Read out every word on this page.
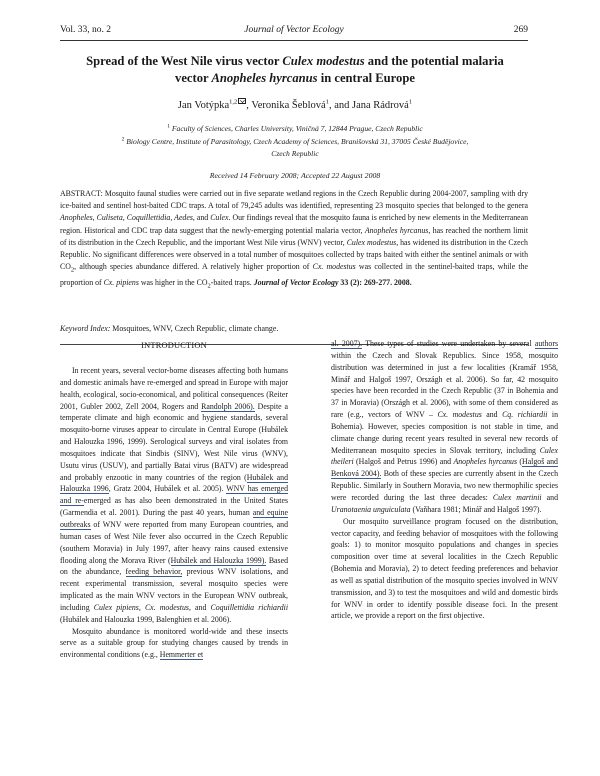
Vol. 33, no. 2	Journal of Vector Ecology	269
Spread of the West Nile virus vector Culex modestus and the potential malaria vector Anopheles hyrcanus in central Europe
Jan Votýpka$^{1,2}$ , Veronika Šeblová$^1$, and Jana Rádrová$^1$
$^1$ Faculty of Sciences, Charles University, Viničná 7, 12844 Prague, Czech Republic
$^2$ Biology Centre, Institute of Parasitology, Czech Academy of Sciences, Branišovská 31, 37005 České Budějovice,
Czech Republic
Received 14 February 2008; Accepted 22 August 2008
ABSTRACT: Mosquito faunal studies were carried out in five separate wetland regions in the Czech Republic during 2004-2007, sampling with dry ice-baited and sentinel host-baited CDC traps. A total of 79,245 adults was identified, representing 23 mosquito species that belonged to the genera Anopheles, Culiseta, Coquillettidia, Aedes, and Culex. Our findings reveal that the mosquito fauna is enriched by new elements in the Mediterranean region. Historical and CDC trap data suggest that the newly-emerging potential malaria vector, Anopheles hyrcanus, has reached the northern limit of its distribution in the Czech Republic, and the important West Nile virus (WNV) vector, Culex modestus, has widened its distribution in the Czech Republic. No significant differences were observed in a total number of mosquitoes collected by traps baited with either the sentinel animals or with $CO_2$, although species abundance differed. A relatively higher proportion of Cx. modestus was collected in the sentinel-baited traps, while the proportion of Cx. pipiens was higher in the $CO_2$-baited traps. Journal of Vector Ecology 33 (2): 269-277. 2008.
Keyword Index: Mosquitoes, WNV, Czech Republic, climate change.

INTRODUCTION

In recent years, several vector-borne diseases affecting both humans and domestic animals have re-emerged and spread in Europe with major health, ecological, socio-economical, and political consequences (Reiter 2001, Gubler 2002, Zell 2004, Rogers and Randolph 2006). Despite a temperate climate and high economic and hygiene standards, several mosquito-borne viruses appear to circulate in Central Europe (Hubálek and Halouzka 1996, 1999). Serological surveys and viral isolates from mosquitoes indicate that Sindbis (SINV), West Nile virus (WNV), Usutu virus (USUV), and partially Batai virus (BATV) are widespread and probably enzootic in many countries of the region (Hubálek and Halouzka 1996, Gratz 2004, Hubálek et al. 2005). WNV has emerged and re-emerged as has also been demonstrated in the United States (Garmendia et al. 2001). During the past 40 years, human and equine outbreaks of WNV were reported from many European countries, and human cases of West Nile fever also occurred in the Czech Republic (southern Moravia) in July 1997, after heavy rains caused extensive flooding along the Morava River (Hubálek and Halouzka 1999). Based on the abundance, feeding behavior, previous WNV isolations, and recent experimental transmission, several mosquito species were implicated as the main WNV vectors in the European WNV outbreak, including Culex pipiens, Cx. modestus, and Coquillettidia richiardii (Hubálek and Halouzka 1999, Balenghien et al. 2006).

Mosquito abundance is monitored world-wide and these insects serve as a suitable group for studying changes caused by trends in environmental conditions (e.g., Hemmerter et

al. 2007). These types of studies were undertaken by several authors within the Czech and Slovak Republics. Since 1958, mosquito distribution was determined in just a few localities (Kramář 1958, Minář and Halgoš 1997, Országh et al. 2006). So far, 42 mosquito species have been recorded in the Czech Republic (37 in Bohemia and 37 in Moravia) (Országh et al. 2006), with some of them considered as rare (e.g., vectors of WNV – Cx. modestus and Cq. richiardii in Bohemia). However, species composition is not stable in time, and climate change during recent years resulted in several new records of Mediterranean mosquito species in Slovak territory, including Culex theileri (Halgoš and Petrus 1996) and Anopheles hyrcanus (Halgoš and Benková 2004). Both of these species are currently absent in the Czech Republic. Similarly in Southern Moravia, two new thermophilic species were recorded during the last three decades: Culex martinii and Uranotaenia unguiculata (Vaňhara 1981; Minář and Halgoš 1997).

Our mosquito surveillance program focused on the distribution, vector capacity, and feeding behavior of mosquitoes with the following goals: 1) to monitor mosquito populations and changes in species composition over time at several localities in the Czech Republic (Bohemia and Moravia), 2) to detect feeding preferences and behavior as well as spatial distribution of the mosquito species involved in WNV transmission, and 3) to test the mosquitoes and wild and domestic birds for WNV in order to identify possible disease foci. In the present article, we provide a report on the first objective.
